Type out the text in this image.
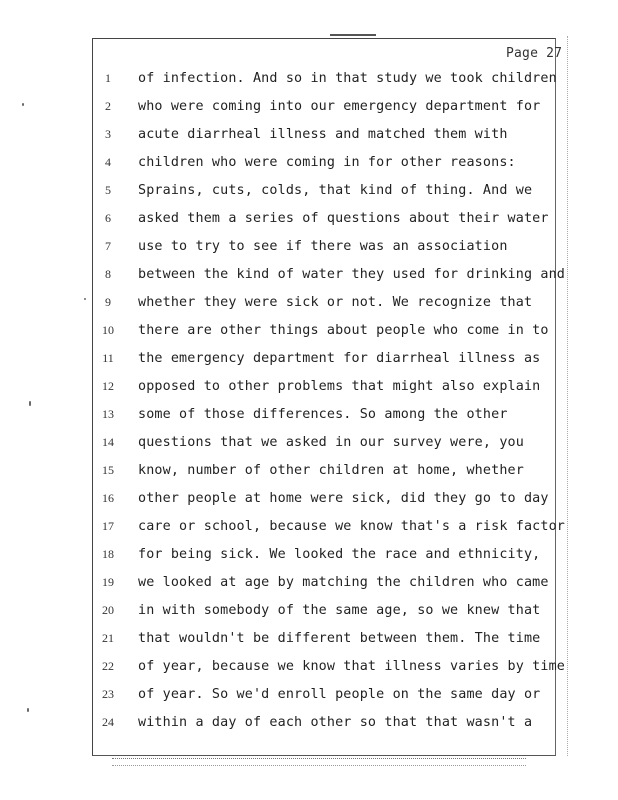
Page 27
1	of infection. And so in that study we took children
2	who were coming into our emergency department for
3	acute diarrheal illness and matched them with
4	children who were coming in for other reasons:
5	Sprains, cuts, colds, that kind of thing. And we
6	asked them a series of questions about their water
7	use to try to see if there was an association
8	between the kind of water they used for drinking and
9	whether they were sick or not. We recognize that
10	there are other things about people who come in to
11	the emergency department for diarrheal illness as
12	opposed to other problems that might also explain
13	some of those differences. So among the other
14	questions that we asked in our survey were, you
15	know, number of other children at home, whether
16	other people at home were sick, did they go to day
17	care or school, because we know that's a risk factor
18	for being sick. We looked the race and ethnicity,
19	we looked at age by matching the children who came
20	in with somebody of the same age, so we knew that
21	that wouldn't be different between them. The time
22	of year, because we know that illness varies by time
23	of year. So we'd enroll people on the same day or
24	within a day of each other so that that wasn't a
